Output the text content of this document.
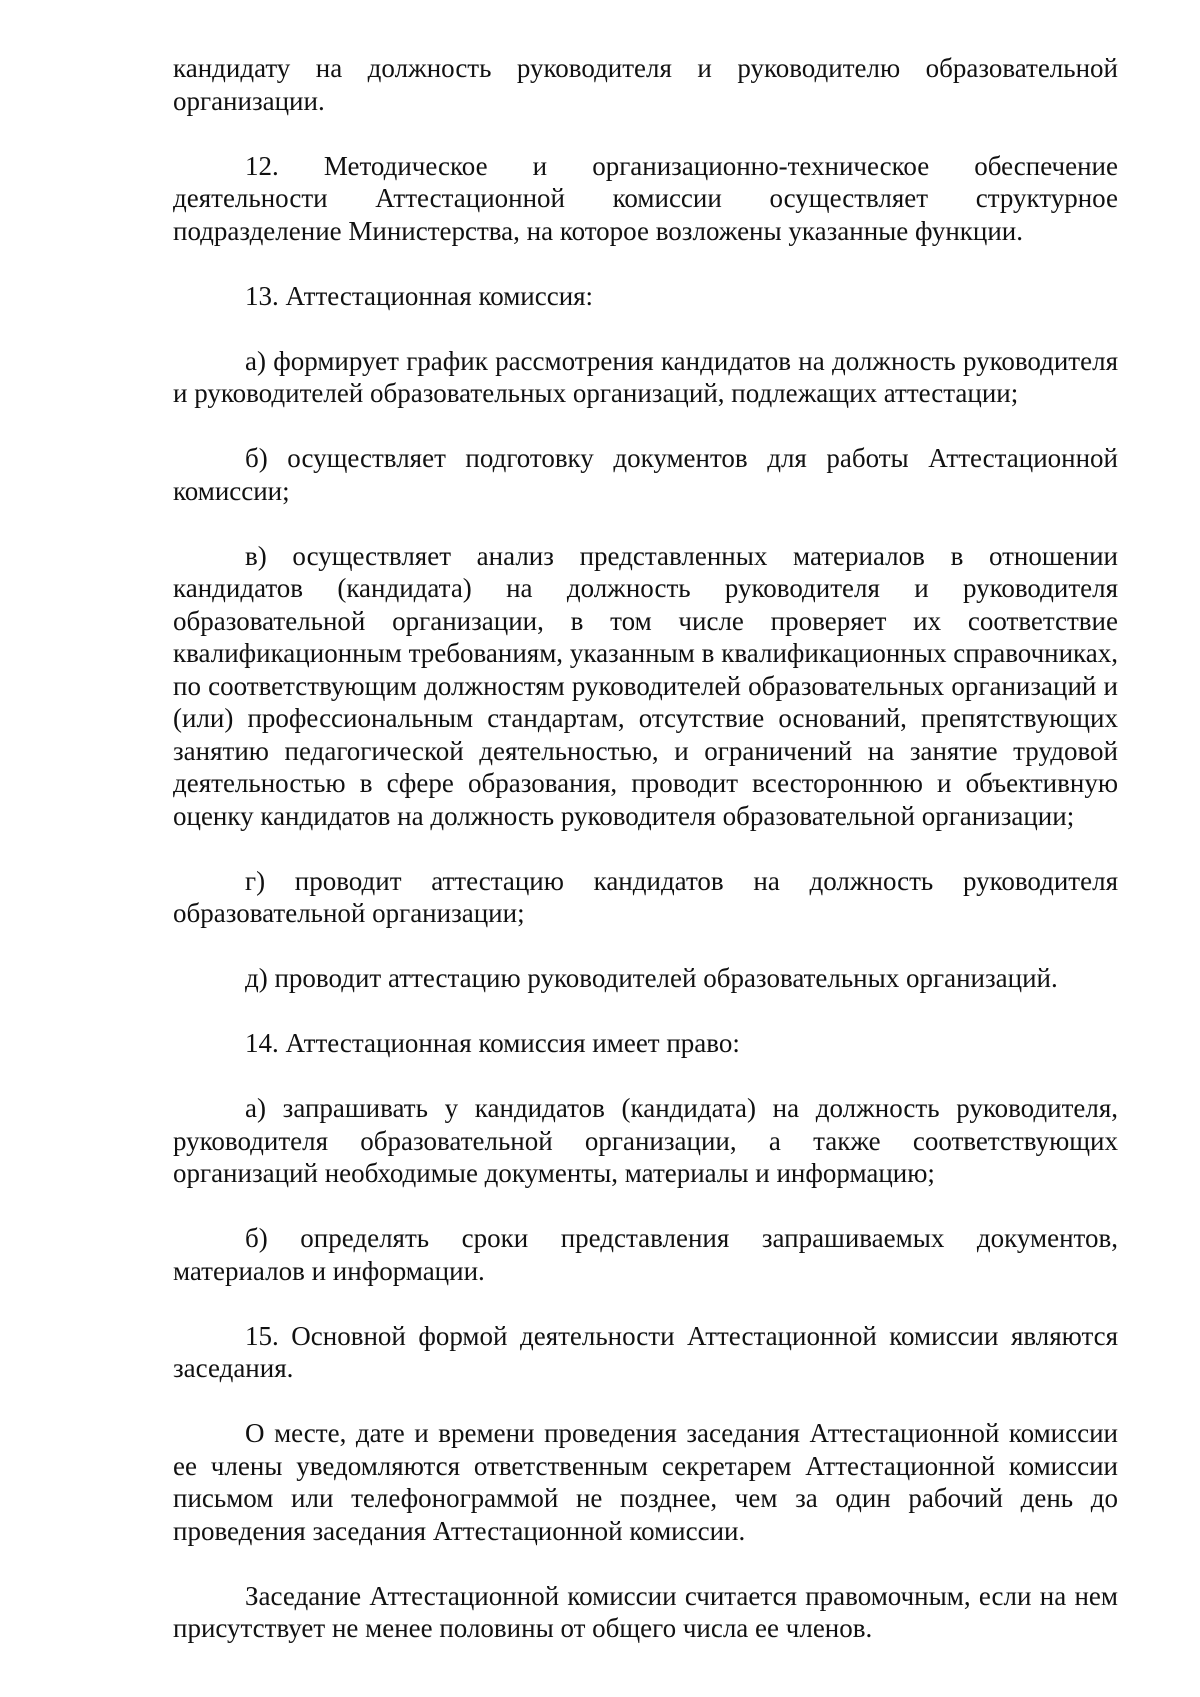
кандидату на должность руководителя и руководителю образовательной организации.

12. Методическое и организационно-техническое обеспечение деятельности Аттестационной комиссии осуществляет структурное подразделение Министерства, на которое возложены указанные функции.

13. Аттестационная комиссия:

а) формирует график рассмотрения кандидатов на должность руководителя и руководителей образовательных организаций, подлежащих аттестации;

б) осуществляет подготовку документов для работы Аттестационной комиссии;

в) осуществляет анализ представленных материалов в отношении кандидатов (кандидата) на должность руководителя и руководителя образовательной организации, в том числе проверяет их соответствие квалификационным требованиям, указанным в квалификационных справочниках, по соответствующим должностям руководителей образовательных организаций и (или) профессиональным стандартам, отсутствие оснований, препятствующих занятию педагогической деятельностью, и ограничений на занятие трудовой деятельностью в сфере образования, проводит всестороннюю и объективную оценку кандидатов на должность руководителя образовательной организации;

г) проводит аттестацию кандидатов на должность руководителя образовательной организации;

д) проводит аттестацию руководителей образовательных организаций.

14. Аттестационная комиссия имеет право:

а) запрашивать у кандидатов (кандидата) на должность руководителя, руководителя образовательной организации, а также соответствующих организаций необходимые документы, материалы и информацию;

б) определять сроки представления запрашиваемых документов, материалов и информации.

15. Основной формой деятельности Аттестационной комиссии являются заседания.

О месте, дате и времени проведения заседания Аттестационной комиссии ее члены уведомляются ответственным секретарем Аттестационной комиссии письмом или телефонограммой не позднее, чем за один рабочий день до проведения заседания Аттестационной комиссии.

Заседание Аттестационной комиссии считается правомочным, если на нем присутствует не менее половины от общего числа ее членов.
